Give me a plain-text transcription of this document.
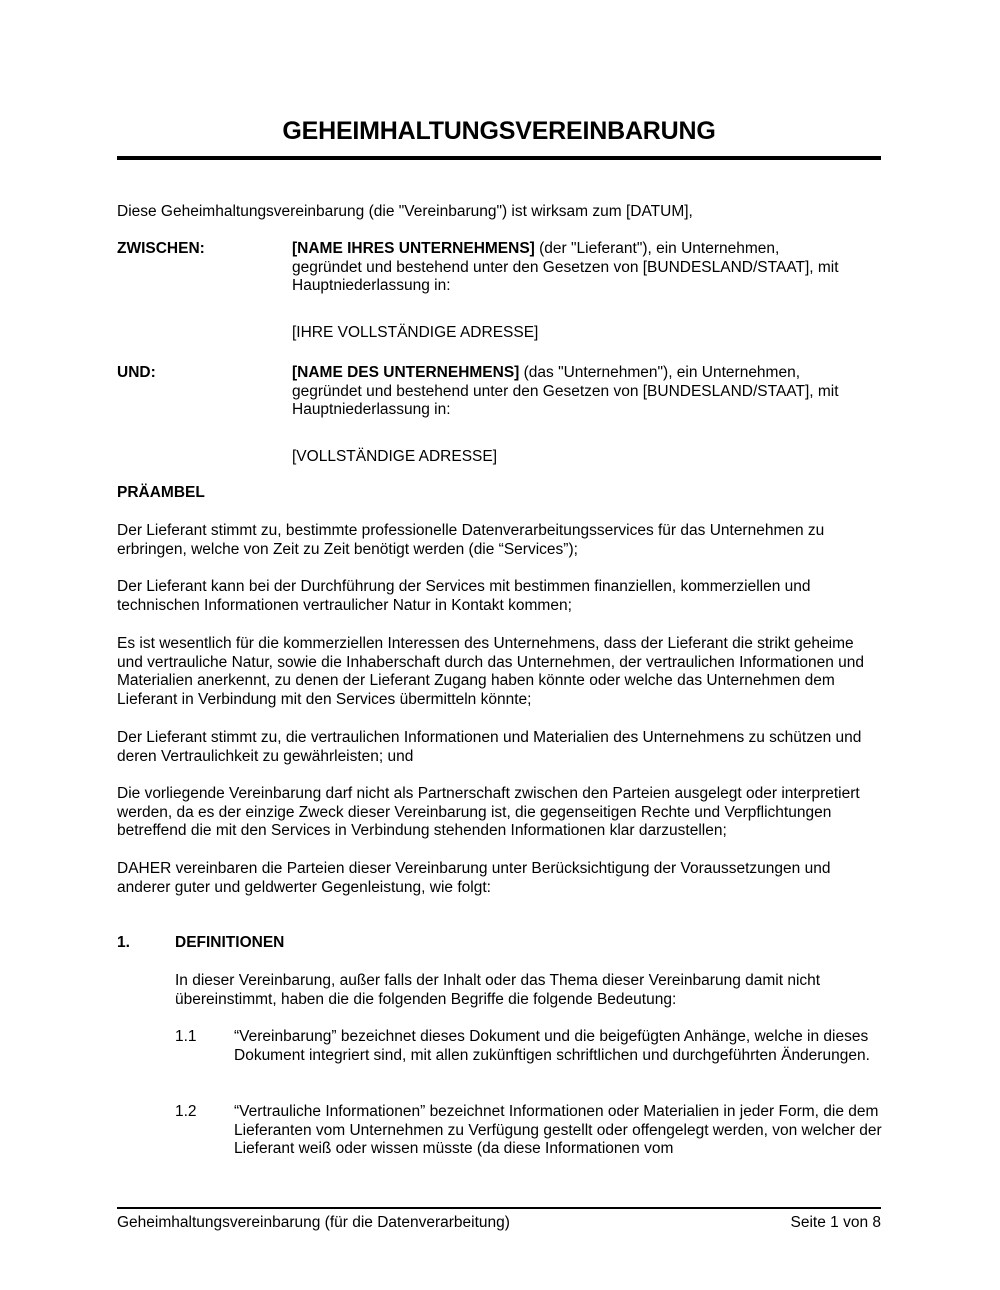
GEHEIMHALTUNGSVEREINBARUNG
Diese Geheimhaltungsvereinbarung (die "Vereinbarung") ist wirksam zum [DATUM],
ZWISCHEN:	[NAME IHRES UNTERNEHMENS] (der "Lieferant"), ein Unternehmen,
gegründet und bestehend unter den Gesetzen von [BUNDESLAND/STAAT], mit
Hauptniederlassung in:
[IHRE VOLLSTÄNDIGE ADRESSE]
UND:	[NAME DES UNTERNEHMENS] (das "Unternehmen"), ein Unternehmen,
gegründet und bestehend unter den Gesetzen von [BUNDESLAND/STAAT], mit
Hauptniederlassung in:
[VOLLSTÄNDIGE ADRESSE]
PRÄAMBEL
Der Lieferant stimmt zu, bestimmte professionelle Datenverarbeitungsservices für das Unternehmen zu erbringen, welche von Zeit zu Zeit benötigt werden (die “Services”);
Der Lieferant kann bei der Durchführung der Services mit bestimmen finanziellen, kommerziellen und technischen Informationen vertraulicher Natur in Kontakt kommen;
Es ist wesentlich für die kommerziellen Interessen des Unternehmens, dass der Lieferant die strikt geheime und vertrauliche Natur, sowie die Inhaberschaft durch das Unternehmen, der vertraulichen Informationen und Materialien anerkennt, zu denen der Lieferant Zugang haben könnte oder welche das Unternehmen dem Lieferant in Verbindung mit den Services übermitteln könnte;
Der Lieferant stimmt zu, die vertraulichen Informationen und Materialien des Unternehmens zu schützen und deren Vertraulichkeit zu gewährleisten; und
Die vorliegende Vereinbarung darf nicht als Partnerschaft zwischen den Parteien ausgelegt oder interpretiert werden, da es der einzige Zweck dieser Vereinbarung ist, die gegenseitigen Rechte und Verpflichtungen betreffend die mit den Services in Verbindung stehenden Informationen klar darzustellen;
DAHER vereinbaren die Parteien dieser Vereinbarung unter Berücksichtigung der Voraussetzungen und anderer guter und geldwerter Gegenleistung, wie folgt:
1.	DEFINITIONEN
In dieser Vereinbarung, außer falls der Inhalt oder das Thema dieser Vereinbarung damit nicht übereinstimmt, haben die die folgenden Begriffe die folgende Bedeutung:
1.1 “Vereinbarung” bezeichnet dieses Dokument und die beigefügten Anhänge, welche in dieses Dokument integriert sind, mit allen zukünftigen schriftlichen und durchgeführten Änderungen.
1.2 “Vertrauliche Informationen” bezeichnet Informationen oder Materialien in jeder Form, die dem Lieferanten vom Unternehmen zu Verfügung gestellt oder offengelegt werden, von welcher der Lieferant weiß oder wissen müsste (da diese Informationen vom
Geheimhaltungsvereinbarung (für die Datenverarbeitung)	Seite 1 von 8
